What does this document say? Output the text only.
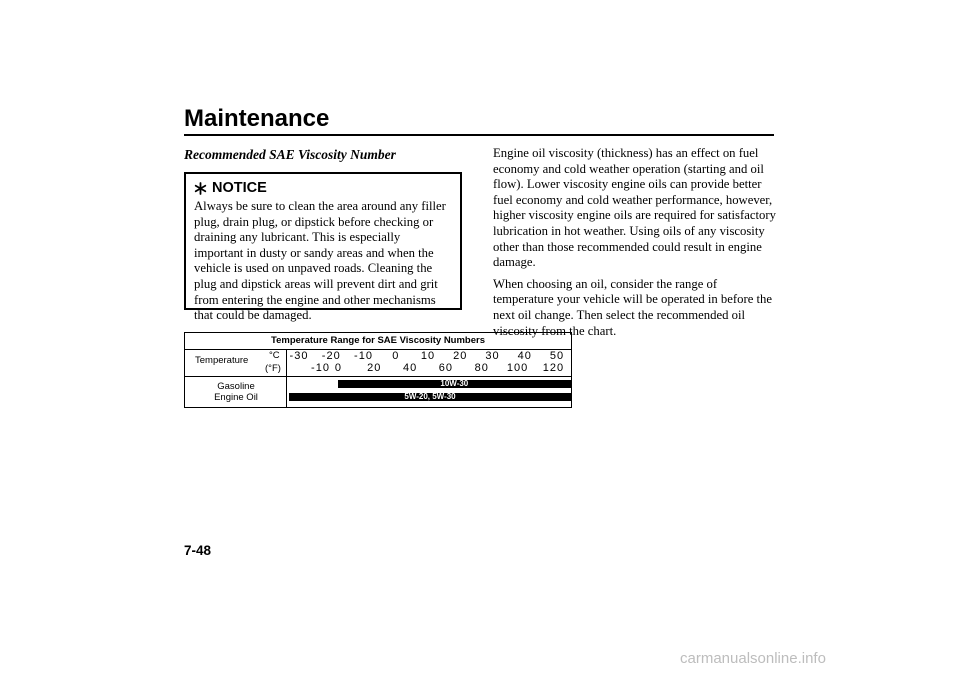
Maintenance
Recommended SAE Viscosity Number
NOTICE
Always be sure to clean the area around any filler plug, drain plug, or dipstick before checking or draining any lubricant. This is especially important in dusty or sandy areas and when the vehicle is used on unpaved roads. Cleaning the plug and dipstick areas will prevent dirt and grit from entering the engine and other mechanisms that could be damaged.

Engine oil viscosity (thickness) has an effect on fuel economy and cold weather operation (starting and oil flow). Lower viscosity engine oils can provide better fuel economy and cold weather performance, however, higher viscosity engine oils are required for satisfactory lubrication in hot weather. Using oils of any viscosity other than those recommended could result in engine damage.

When choosing an oil, consider the range of temperature your vehicle will be operated in before the next oil change. Then select the recommended oil viscosity from the chart.

Temperature Range for SAE Viscosity Numbers
Temperature °C
(°F)
Gasoline Engine Oil
-30 -20 -10 0 10 20 30 40 50
-10 0 20 40 60 80 100 120
10W-30
5W-20, 5W-30
7-48
carmanualsonline.info
